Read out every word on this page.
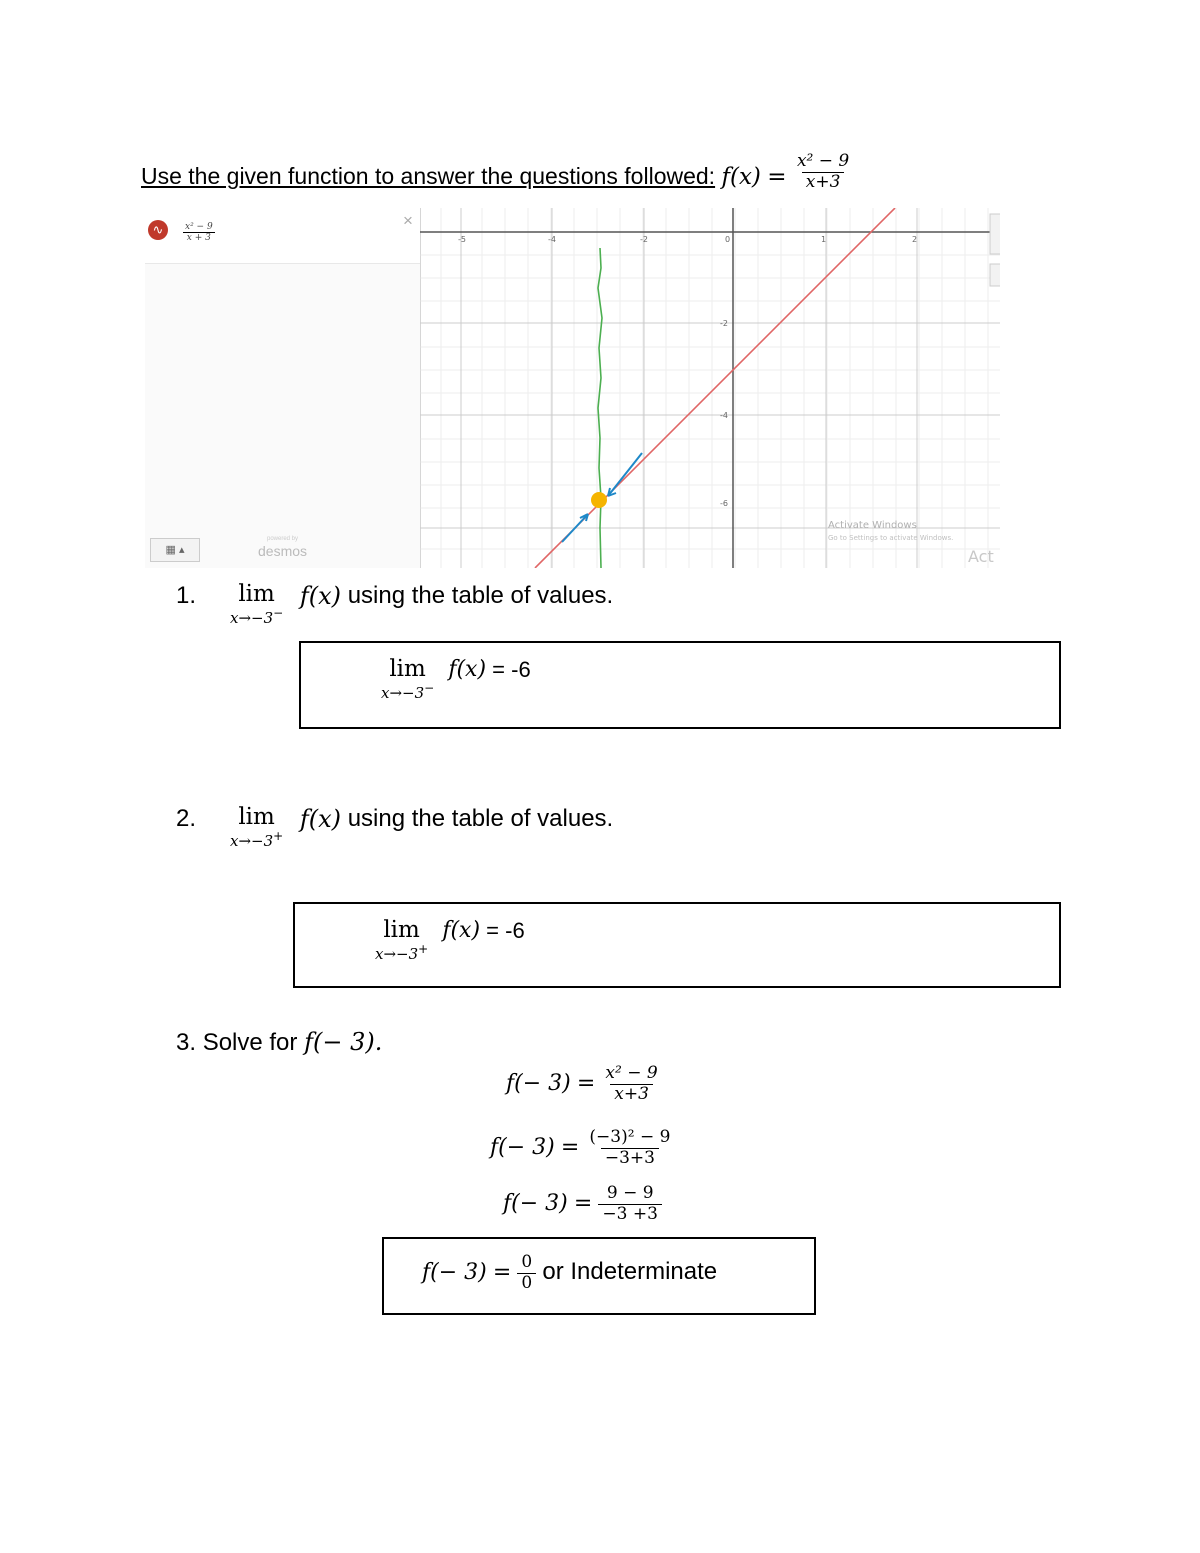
Use the given function to answer the questions followed: $f(x) = \frac{\text{x² − 9}}{x+3}$
∿	$\frac{\text{x² − 9}}{x + 3}$
×
▦ ▴
powered by
desmos
-5	-4	-2	0	1	2
-2
-4
-6
Activate Windows
Go to Settings to activate Windows.
Act
1. lim
x→−3−
f(x) using the table of values.
lim
x→−3−
f(x) = -6
2. lim
x→−3+
f(x) using the table of values.
lim
x→−3+
f(x) = -6
3. Solve for f(− 3).
$f(- 3) = \frac{\text{x² − 9}}{x+3}$
$f(- 3) = \frac{\text{(−3)² − 9}}{-3+3}$
$f(- 3) = \frac{9 - 9}{-3 +3}$
$f(- 3) = \frac{0}{0}$ or Indeterminate
